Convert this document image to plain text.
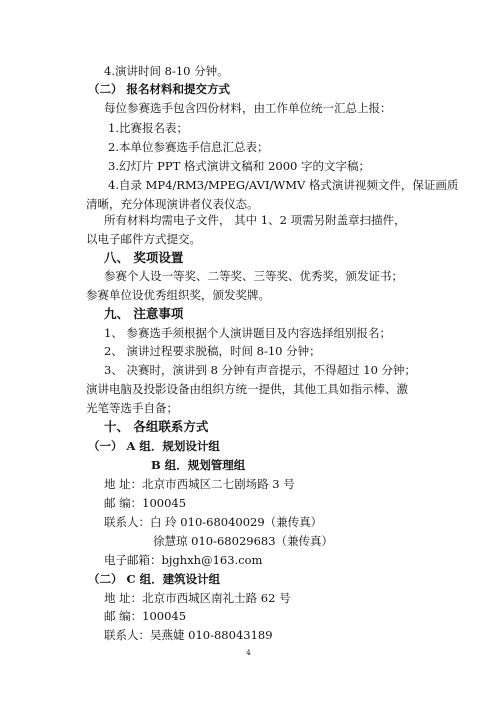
4.演讲时间 8-10 分钟。
（二） 报名材料和提交方式
每位参赛选手包含四份材料，由工作单位统一汇总上报：
1.比赛报名表；
2.本单位参赛选手信息汇总表；
3.幻灯片 PPT 格式演讲文稿和 2000 字的文字稿；
4.自录 MP4/RM3/MPEG/AVI/WMV 格式演讲视频文件，保证画质
清晰，充分体现演讲者仪表仪态。
所有材料均需电子文件， 其中 1、2 项需另附盖章扫描件，
以电子邮件方式提交。
八、 奖项设置
参赛个人设一等奖、二等奖、三等奖、优秀奖，颁发证书；
参赛单位设优秀组织奖，颁发奖牌。
九、 注意事项
1、 参赛选手须根据个人演讲题目及内容选择组别报名；
2、 演讲过程要求脱稿，时间 8-10 分钟；
3、 决赛时，演讲到 8 分钟有声音提示，不得超过 10 分钟；
演讲电脑及投影设备由组织方统一提供，其他工具如指示棒、激
光笔等选手自备；
十、 各组联系方式
（一） A 组．规划设计组
B 组．规划管理组
地 址：北京市西城区二七剧场路 3 号
邮 编：100045
联系人：白 玲 010-68040029（兼传真）
徐慧琼 010-68029683（兼传真）
电子邮箱：bjghxh@163.com
（二） C 组．建筑设计组
地 址：北京市西城区南礼士路 62 号
邮 编：100045
联系人：吴燕婕 010-88043189
4
